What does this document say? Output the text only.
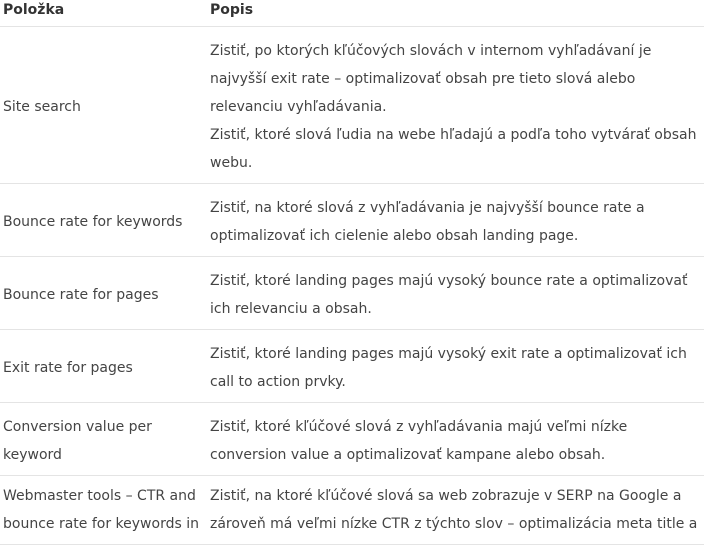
Položka	Popis
Site search	Zistiť, po ktorých kľúčových slovách v internom vyhľadávaní je najvyšší exit rate – optimalizovať obsah pre tieto slová alebo relevanciu vyhľadávania.

Zistiť, ktoré slová ľudia na webe hľadajú a podľa toho vytvárať obsah webu.

Bounce rate for keywords	Zistiť, na ktoré slová z vyhľadávania je najvyšší bounce rate a optimalizovať ich cielenie alebo obsah landing page.

Bounce rate for pages	Zistiť, ktoré landing pages majú vysoký bounce rate a optimalizovať ich relevanciu a obsah.

Exit rate for pages	Zistiť, ktoré landing pages majú vysoký exit rate a optimalizovať ich call to action prvky.

Conversion value per keyword	Zistiť, ktoré kľúčové slová z vyhľadávania majú veľmi nízke conversion value a optimalizovať kampane alebo obsah.

Webmaster tools – CTR and bounce rate for keywords in	Zistiť, na ktoré kľúčové slová sa web zobrazuje v SERP na Google a zároveň má veľmi nízke CTR z týchto slov – optimalizácia meta title a
